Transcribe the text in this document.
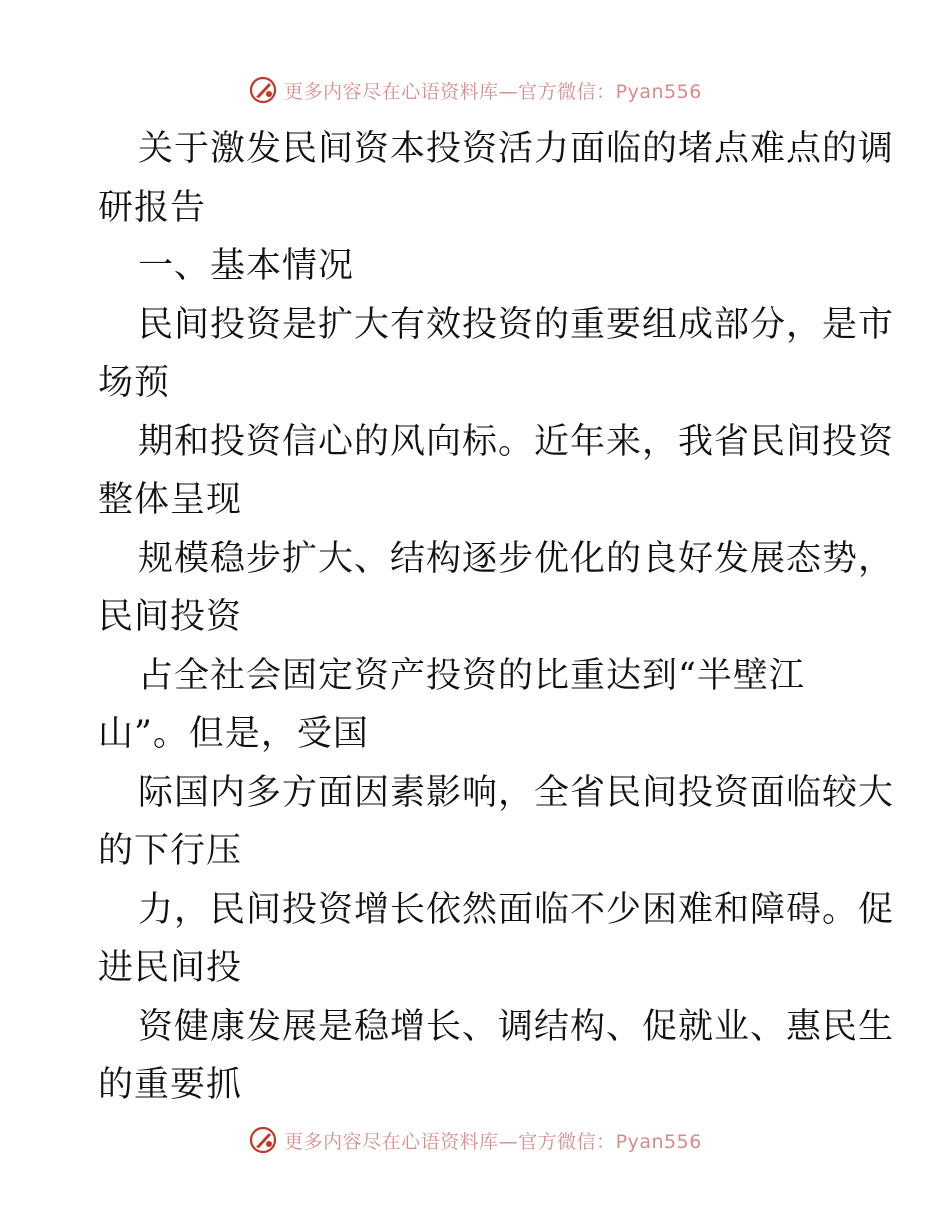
更多内容尽在心语资料库—官方微信：Pyan556
关于激发民间资本投资活力面临的堵点难点的调
研报告
一、基本情况
民间投资是扩大有效投资的重要组成部分，是市
场预
期和投资信心的风向标。近年来，我省民间投资
整体呈现
规模稳步扩大、结构逐步优化的良好发展态势，
民间投资
占全社会固定资产投资的比重达到“半壁江
山”。但是，受国
际国内多方面因素影响，全省民间投资面临较大
的下行压
力，民间投资增长依然面临不少困难和障碍。促
进民间投
资健康发展是稳增长、调结构、促就业、惠民生
的重要抓
更多内容尽在心语资料库—官方微信：Pyan556
